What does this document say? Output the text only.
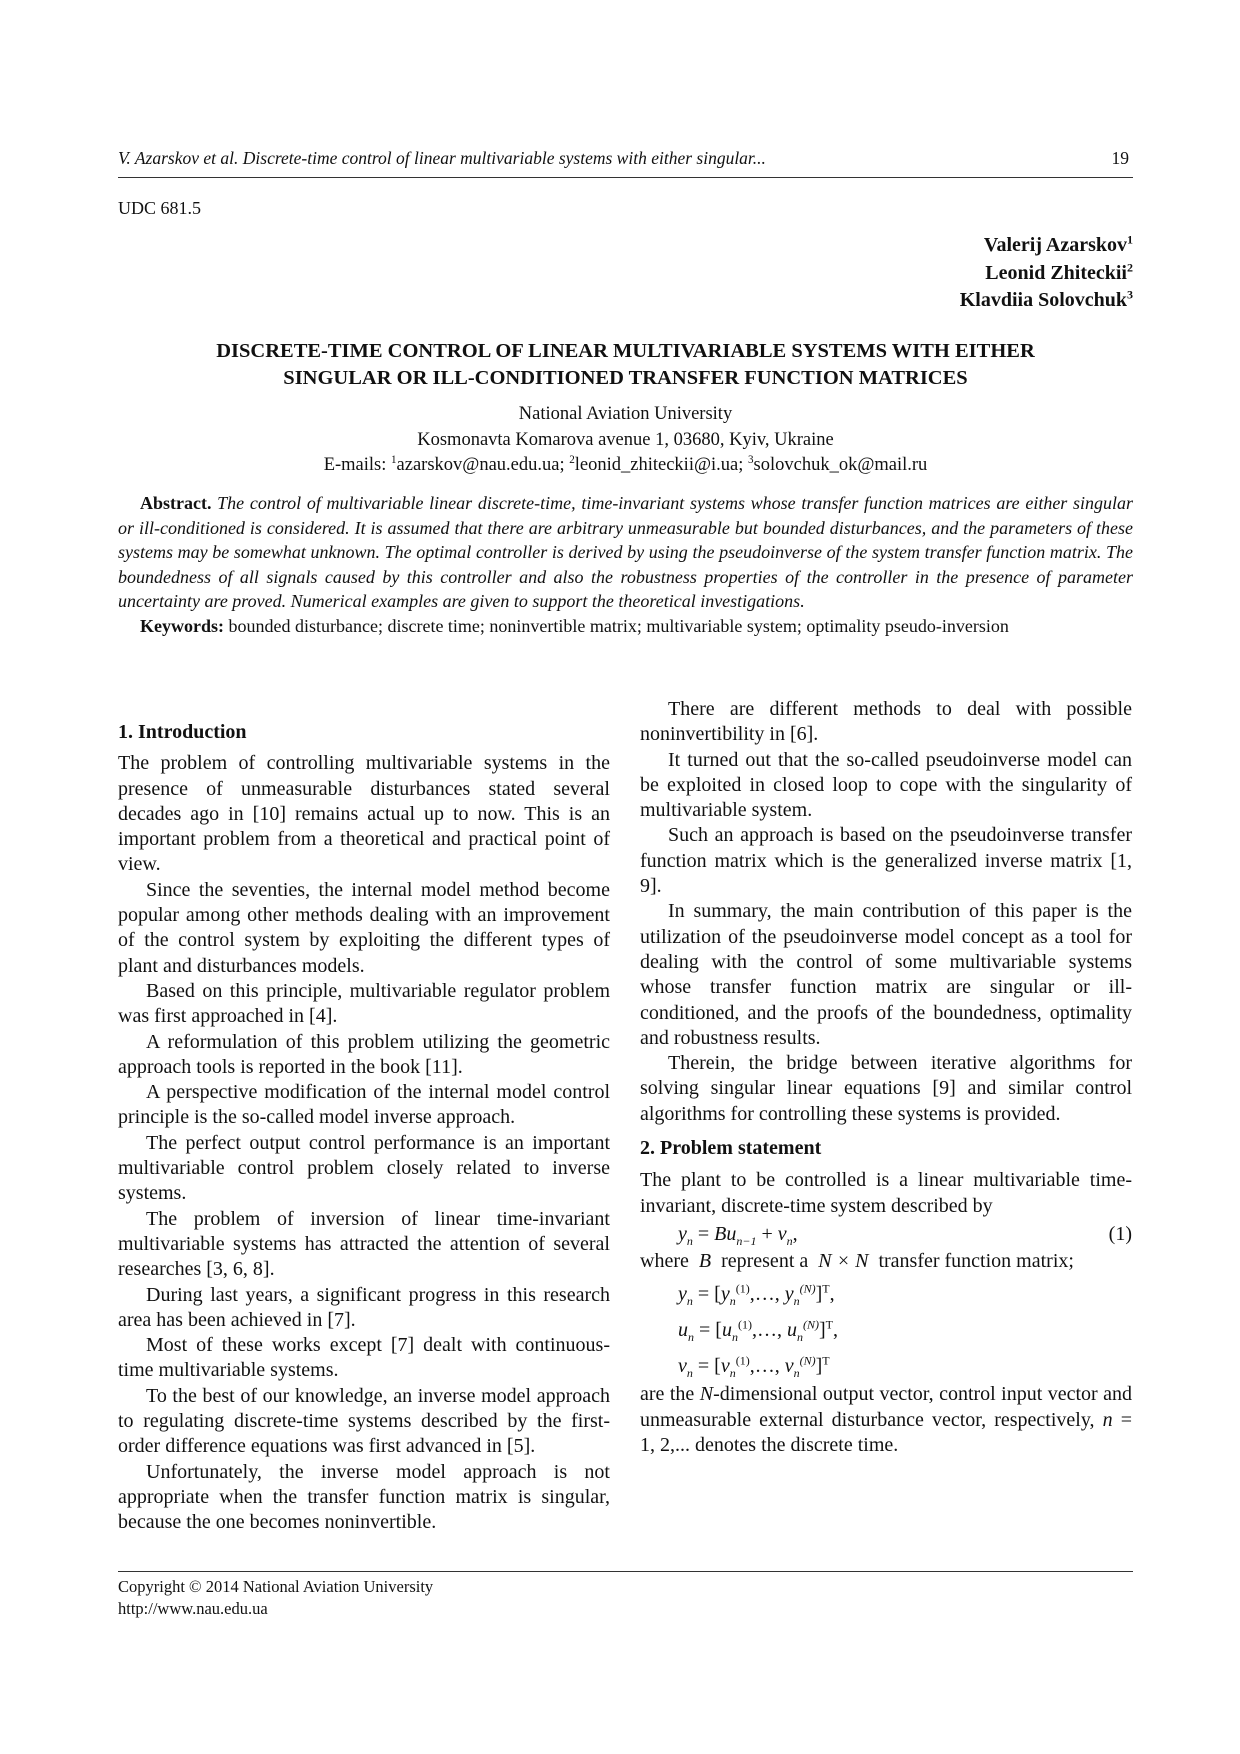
V. Azarskov et al. Discrete-time control of linear multivariable systems with either singular...	19
UDC 681.5
Valerij Azarskov$^1$
Leonid Zhiteckii$^2$
Klavdiia Solovchuk$^3$
DISCRETE-TIME CONTROL OF LINEAR MULTIVARIABLE SYSTEMS WITH EITHER
SINGULAR OR ILL-CONDITIONED TRANSFER FUNCTION MATRICES
National Aviation University
Kosmonavta Komarova avenue 1, 03680, Kyiv, Ukraine
E-mails: $^1$azarskov@nau.edu.ua; $^2$leonid_zhiteckii@i.ua; $^3$solovchuk_ok@mail.ru

Abstract. The control of multivariable linear discrete-time, time-invariant systems whose transfer function matrices are either singular or ill-conditioned is considered. It is assumed that there are arbitrary unmeasurable but bounded disturbances, and the parameters of these systems may be somewhat unknown. The optimal controller is derived by using the pseudoinverse of the system transfer function matrix. The boundedness of all signals caused by this controller and also the robustness properties of the controller in the presence of parameter uncertainty are proved. Numerical examples are given to support the theoretical investigations.

Keywords: bounded disturbance; discrete time; noninvertible matrix; multivariable system; optimality pseudo-inversion

1. Introduction

The problem of controlling multivariable systems in the presence of unmeasurable disturbances stated several decades ago in [10] remains actual up to now. This is an important problem from a theoretical and practical point of view.

Since the seventies, the internal model method become popular among other methods dealing with an improvement of the control system by exploiting the different types of plant and disturbances models.

Based on this principle, multivariable regulator problem was first approached in [4].

A reformulation of this problem utilizing the geometric approach tools is reported in the book [11].

A perspective modification of the internal model control principle is the so-called model inverse approach.

The perfect output control performance is an important multivariable control problem closely related to inverse systems.

The problem of inversion of linear time-invariant multivariable systems has attracted the attention of several researches [3, 6, 8].

During last years, a significant progress in this research area has been achieved in [7].

Most of these works except [7] dealt with continuous-time multivariable systems.

To the best of our knowledge, an inverse model approach to regulating discrete-time systems described by the first-order difference equations was first advanced in [5].

Unfortunately, the inverse model approach is not appropriate when the transfer function matrix is singular, because the one becomes noninvertible.

There are different methods to deal with possible noninvertibility in [6].

It turned out that the so-called pseudoinverse model can be exploited in closed loop to cope with the singularity of multivariable system.

Such an approach is based on the pseudoinverse transfer function matrix which is the generalized inverse matrix [1, 9].

In summary, the main contribution of this paper is the utilization of the pseudoinverse model concept as a tool for dealing with the control of some multivariable systems whose transfer function matrix are singular or ill-conditioned, and the proofs of the boundedness, optimality and robustness results.

Therein, the bridge between iterative algorithms for solving singular linear equations [9] and similar control algorithms for controlling these systems is provided.

2. Problem statement

The plant to be controlled is a linear multivariable time-invariant, discrete-time system described by

$y_n = Bu_{n-1} + v_n$,	(1)

where B represent a N × N transfer function matrix;

$y_n$ = [$y_n^{(1)},\dots$, $y_n^{(N)}]^T$,
$u_n$ = [$u_n^{(1)},\dots$, $u_n^{(N)}]^T$,
$v_n$ = [$v_n^{(1)},\dots$, $v_n^{(N)}]^T$

are the N-dimensional output vector, control input vector and unmeasurable external disturbance vector, respectively, n = 1, 2,... denotes the discrete time.

Copyright © 2014 National Aviation University
http://www.nau.edu.ua
